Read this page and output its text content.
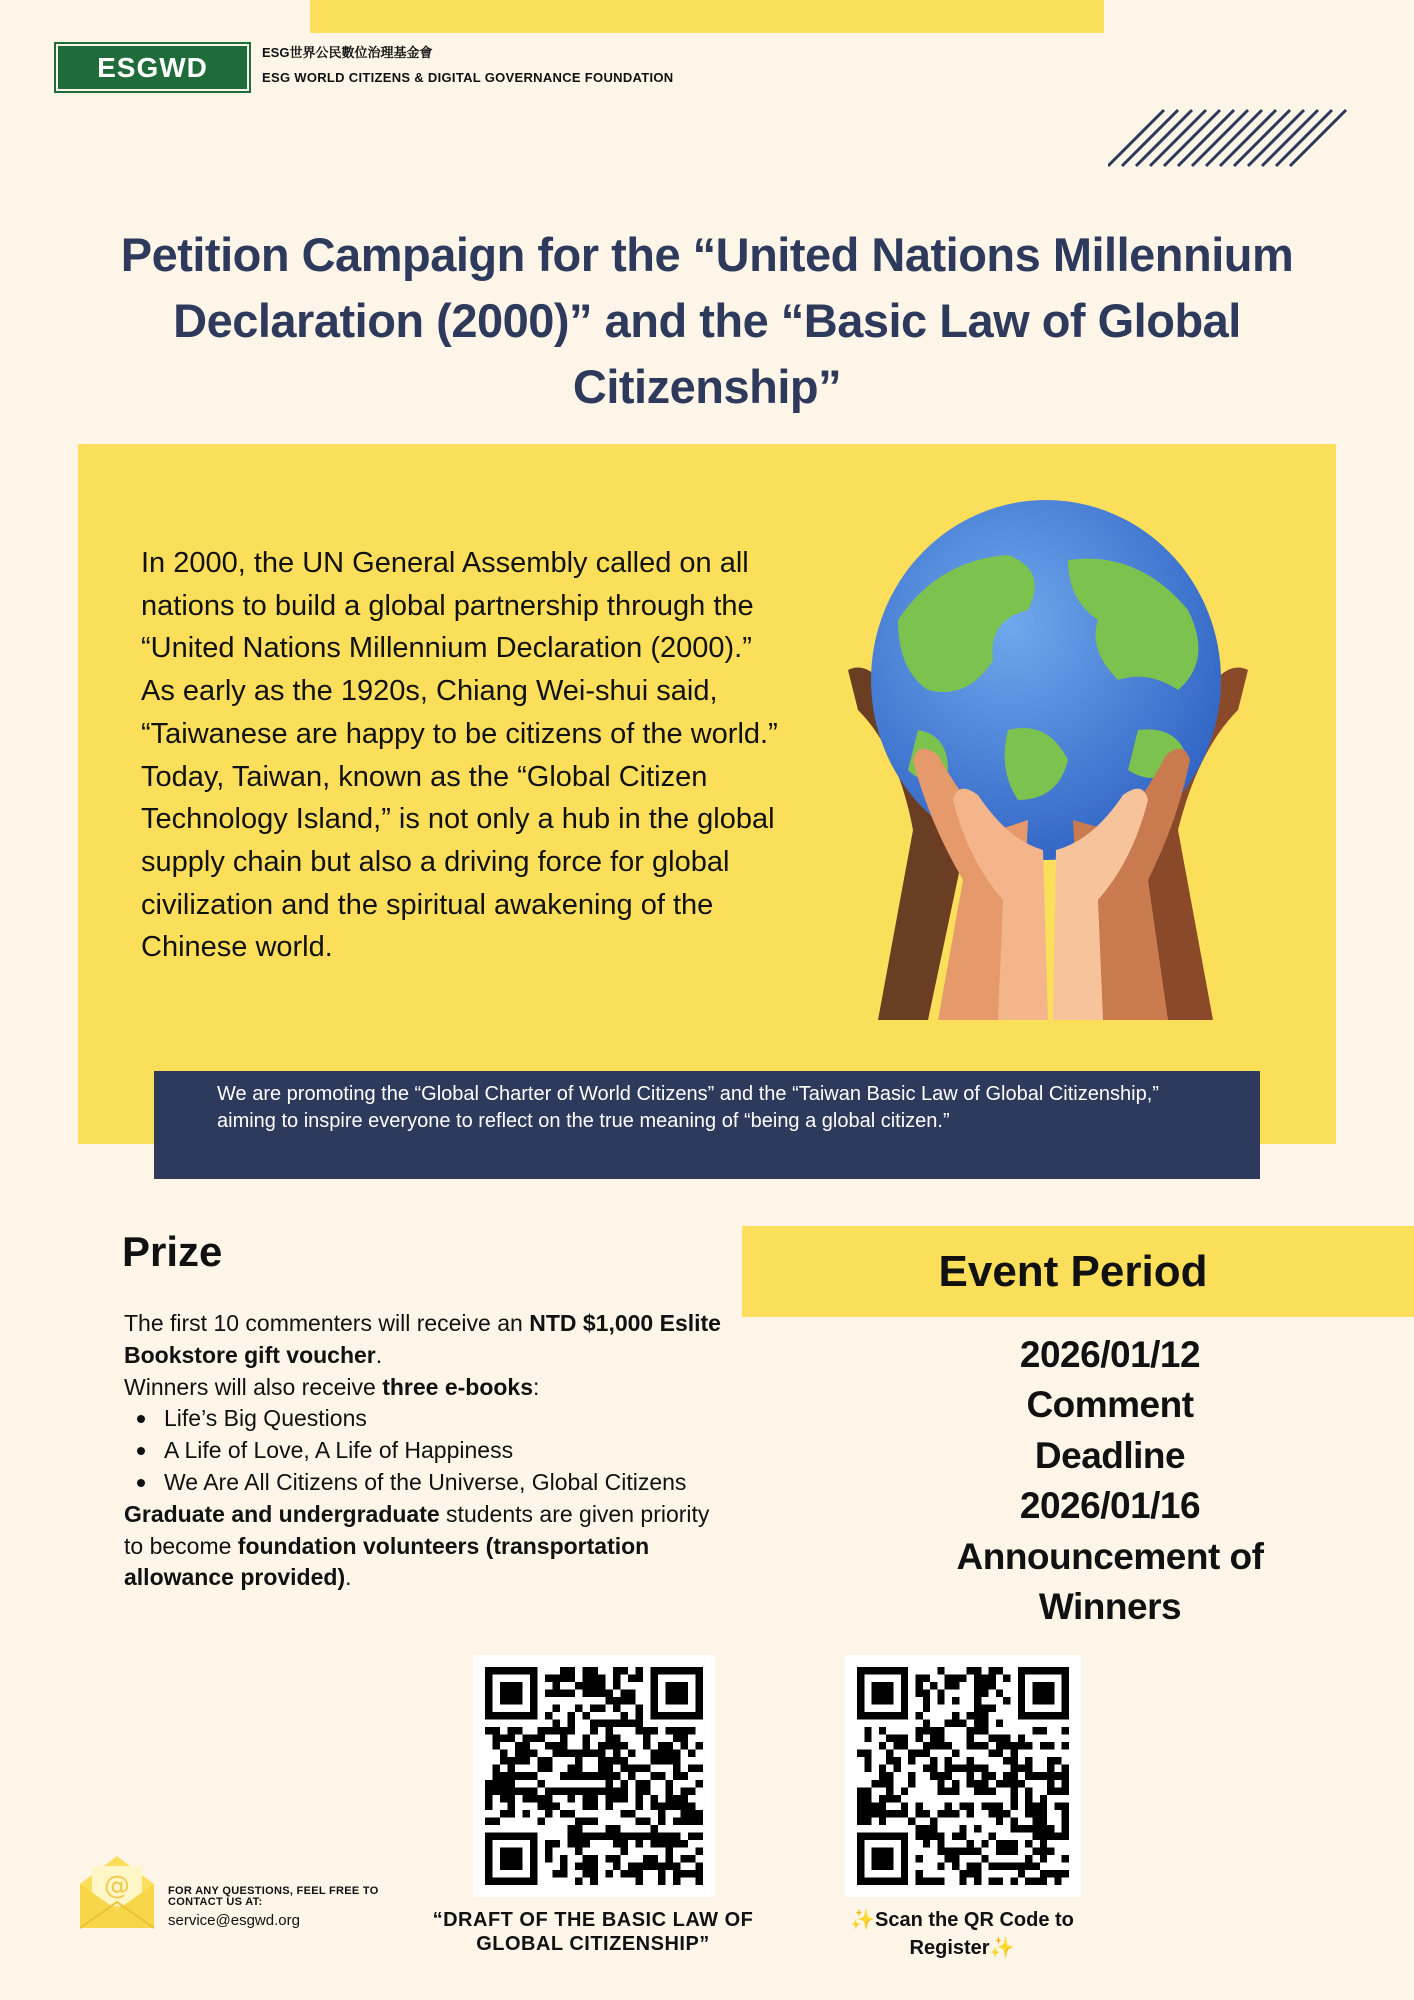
ESGWD	ESG世界公民數位治理基金會
ESG WORLD CITIZENS & DIGITAL GOVERNANCE FOUNDATION
Petition Campaign for the “United Nations Millennium
Declaration (2000)” and the “Basic Law of Global
Citizenship”

In 2000, the UN General Assembly called on all nations to build a global partnership through the “United Nations Millennium Declaration (2000).”

As early as the 1920s, Chiang Wei-shui said, “Taiwanese are happy to be citizens of the world.” Today, Taiwan, known as the “Global Citizen Technology Island,” is not only a hub in the global supply chain but also a driving force for global civilization and the spiritual awakening of the Chinese world.

We are promoting the “Global Charter of World Citizens” and the “Taiwan Basic Law of Global Citizenship,” aiming to inspire everyone to reflect on the true meaning of “being a global citizen.”
Prize
The first 10 commenters will receive an NTD $1,000 Eslite Bookstore gift voucher.
Winners will also receive three e-books:
Life’s Big Questions
A Life of Love, A Life of Happiness
We Are All Citizens of the Universe, Global Citizens
Graduate and undergraduate students are given priority to become foundation volunteers (transportation allowance provided).
Event Period
2026/01/12
Comment
Deadline
2026/01/16
Announcement of
Winners
“DRAFT OF THE BASIC LAW OF GLOBAL CITIZENSHIP”
✨Scan the QR Code to Register✨
@	FOR ANY QUESTIONS, FEEL FREE TO CONTACT US AT:
service@esgwd.org
